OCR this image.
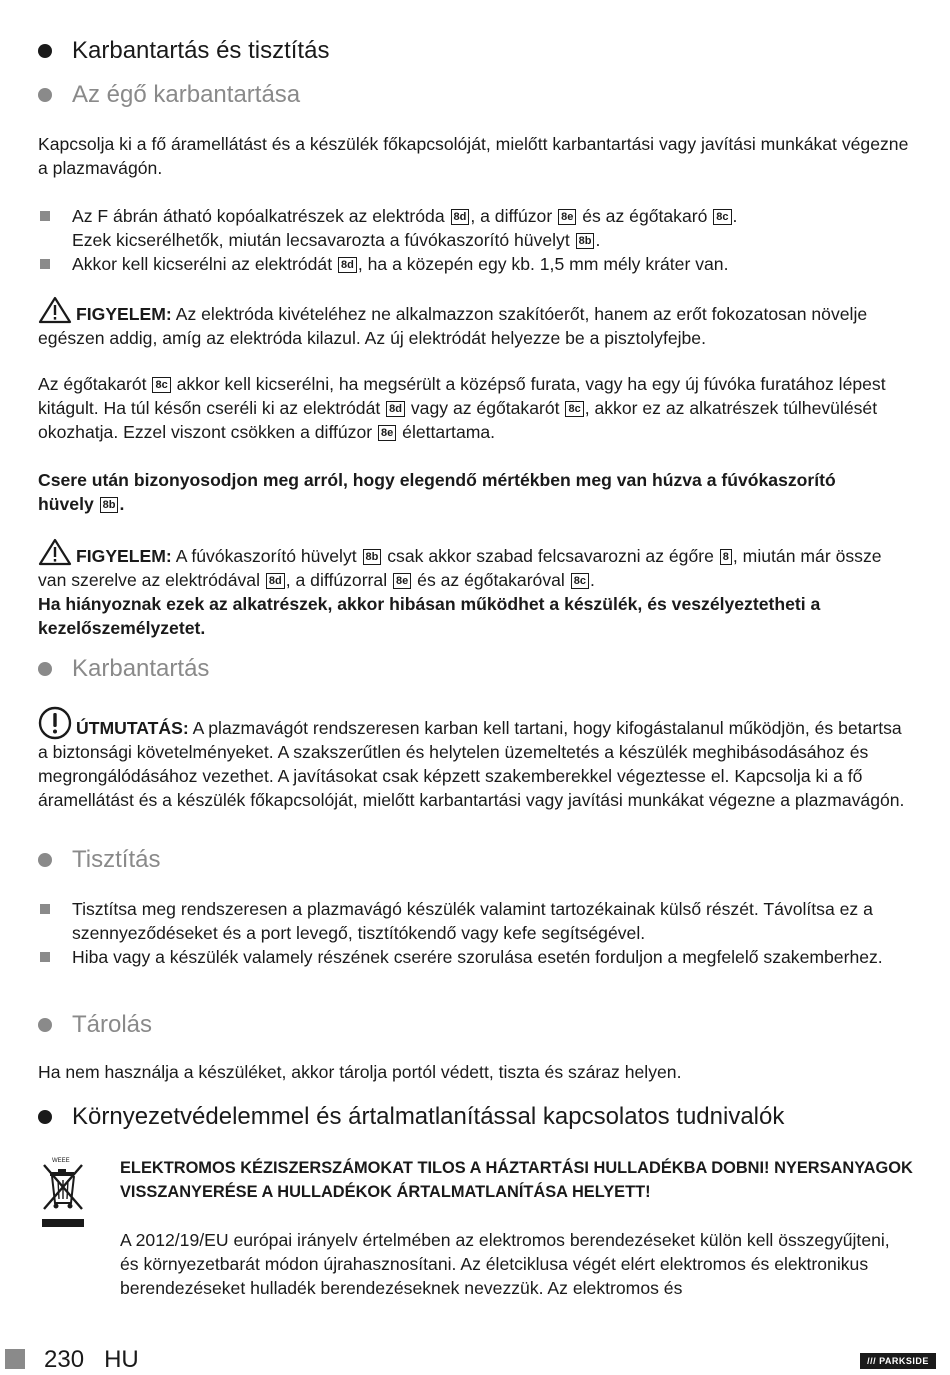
Karbantartás és tisztítás
Az égő karbantartása

Kapcsolja ki a fő áramellátást és a készülék főkapcsolóját, mielőtt karbantartási vagy javítási munkákat végezne a plazmavágón.

Az F ábrán átható kopóalkatrészek az elektróda 8d , a diffúzor 8e és az égőtakaró 8c .
Ezek kicserélhetők, miután lecsavarozta a fúvókaszorító hüvelyt 8b .
Akkor kell kicserélni az elektródát 8d , ha a közepén egy kb. 1,5 mm mély kráter van.

FIGYELEM: Az elektróda kivételéhez ne alkalmazzon szakítóerőt, hanem az erőt fokozatosan növelje egészen addig, amíg az elektróda kilazul. Az új elektródát helyezze be a pisztolyfejbe.

Az égőtakarót 8c akkor kell kicserélni, ha megsérült a középső furata, vagy ha egy új fúvóka furatához lépest kitágult. Ha túl későn cseréli ki az elektródát 8d vagy az égőtakarót 8c , akkor ez az alkatrészek túlhevülését okozhatja. Ezzel viszont csökken a diffúzor 8e élettartama.

Csere után bizonyosodjon meg arról, hogy elegendő mértékben meg van húzva a fúvókaszorító hüvely 8b .

FIGYELEM: A fúvókaszorító hüvelyt 8b csak akkor szabad felcsavarozni az égőre 8 , miután már össze van szerelve az elektródával 8d , a diffúzorral 8e és az égőtakaróval 8c .
Ha hiányoznak ezek az alkatrészek, akkor hibásan működhet a készülék, és veszélyeztetheti a kezelőszemélyzetet.

Karbantartás

ÚTMUTATÁS: A plazmavágót rendszeresen karban kell tartani, hogy kifogástalanul működjön, és betartsa a biztonsági követelményeket. A szakszerűtlen és helytelen üzemeltetés a készülék meghibásodásához és megrongálódásához vezethet. A javításokat csak képzett szakemberekkel végeztesse el. Kapcsolja ki a fő áramellátást és a készülék főkapcsolóját, mielőtt karbantartási vagy javítási munkákat végezne a plazmavágón.

Tisztítás
Tisztítsa meg rendszeresen a plazmavágó készülék valamint tartozékainak külső részét. Távolítsa ez a szennyeződéseket és a port levegő, tisztítókendő vagy kefe segítségével.
Hiba vagy a készülék valamely részének cserére szorulása esetén forduljon a megfelelő szakemberhez.
Tárolás

Ha nem használja a készüléket, akkor tárolja portól védett, tiszta és száraz helyen.

Környezetvédelemmel és ártalmatlanítással kapcsolatos tudnivalók
WEEE	ELEKTROMOS KÉZISZERSZÁMOKAT TILOS A HÁZTARTÁSI HULLADÉKBA DOBNI! NYERSANYAGOK VISSZANYERÉSE A HULLADÉKOK ÁRTALMATLANÍTÁSA HELYETT!

A 2012/19/EU európai irányelv értelmében az elektromos berendezéseket külön kell összegyűjteni, és környezetbarát módon újrahasznosítani. Az életciklusa végét elért elektromos és elektronikus berendezéseket hulladék berendezéseknek nevezzük. Az elektromos és

230 HU	/// PARKSIDE
